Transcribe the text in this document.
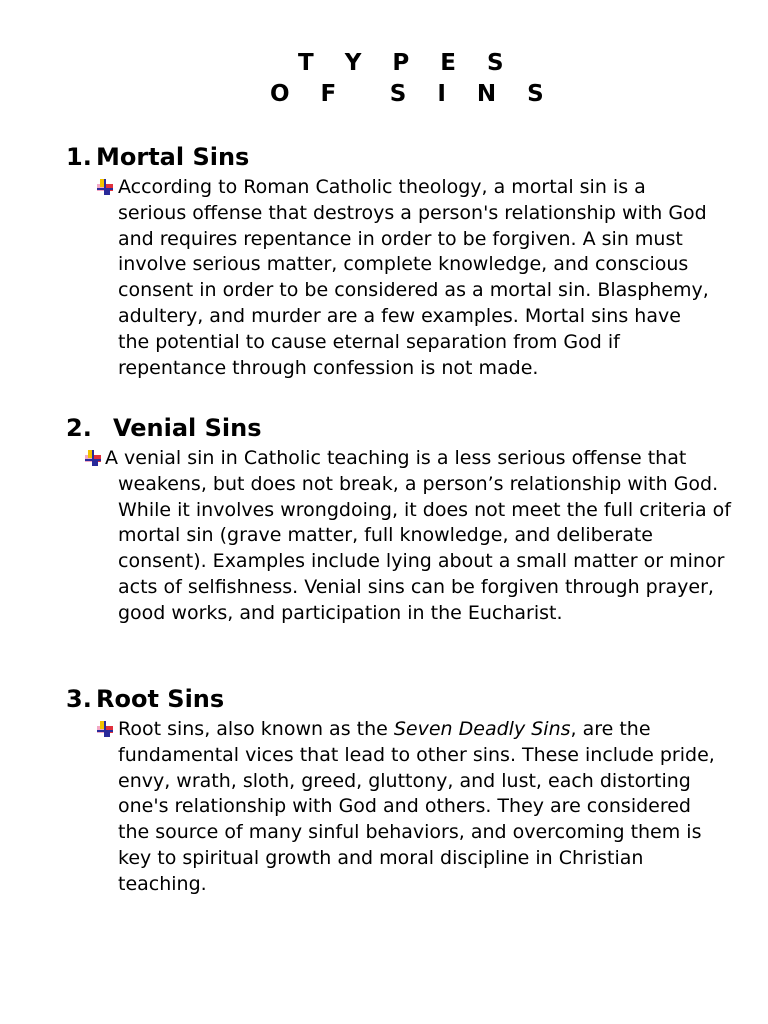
T Y P E S  O F  S I N S
1. Mortal Sins

According to Roman Catholic theology, a mortal sin is a serious offense that destroys a person's relationship with God and requires repentance in order to be forgiven. A sin must involve serious matter, complete knowledge, and conscious consent in order to be considered as a mortal sin. Blasphemy, adultery, and murder are a few examples. Mortal sins have the potential to cause eternal separation from God if repentance through confession is not made.

2. Venial Sins

A venial sin in Catholic teaching is a less serious offense that weakens, but does not break, a person’s relationship with God. While it involves wrongdoing, it does not meet the full criteria of mortal sin (grave matter, full knowledge, and deliberate consent). Examples include lying about a small matter or minor acts of selfishness. Venial sins can be forgiven through prayer, good works, and participation in the Eucharist.

3. Root Sins

Root sins, also known as the Seven Deadly Sins, are the fundamental vices that lead to other sins. These include pride, envy, wrath, sloth, greed, gluttony, and lust, each distorting one's relationship with God and others. They are considered the source of many sinful behaviors, and overcoming them is key to spiritual growth and moral discipline in Christian teaching.
